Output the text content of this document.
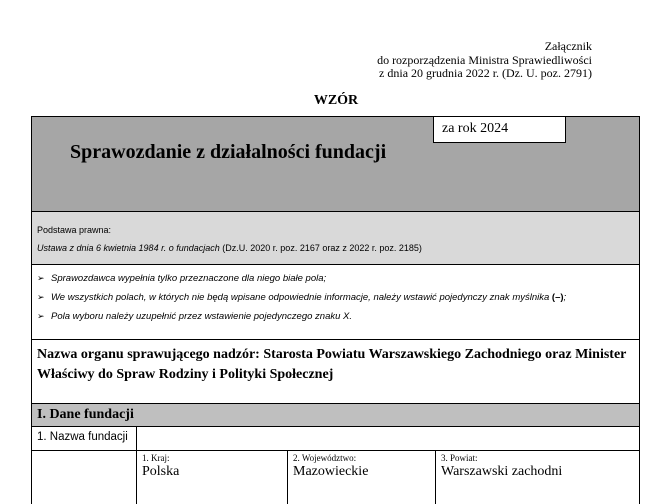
Załącznik
do rozporządzenia Ministra Sprawiedliwości
z dnia 20 grudnia 2022 r. (Dz. U. poz. 2791)
WZÓR
Sprawozdanie z działalności fundacji
za rok 2024
Podstawa prawna:
Ustawa z dnia 6 kwietnia 1984 r. o fundacjach (Dz.U. 2020 r. poz. 2167 oraz z 2022 r. poz. 2185)
➢ Sprawozdawca wypełnia tylko przeznaczone dla niego białe pola;
➢ We wszystkich polach, w których nie będą wpisane odpowiednie informacje, należy wstawić pojedynczy znak myślnika (–);
➢ Pola wyboru należy uzupełnić przez wstawienie pojedynczego znaku X.
Nazwa organu sprawującego nadzór: Starosta Powiatu Warszawskiego Zachodniego oraz Minister Właściwy do Spraw Rodziny i Polityki Społecznej
I. Dane fundacji
1. Nazwa fundacji
1. Kraj:
Polska
2. Województwo:
Mazowieckie
3. Powiat:
Warszawski zachodni
